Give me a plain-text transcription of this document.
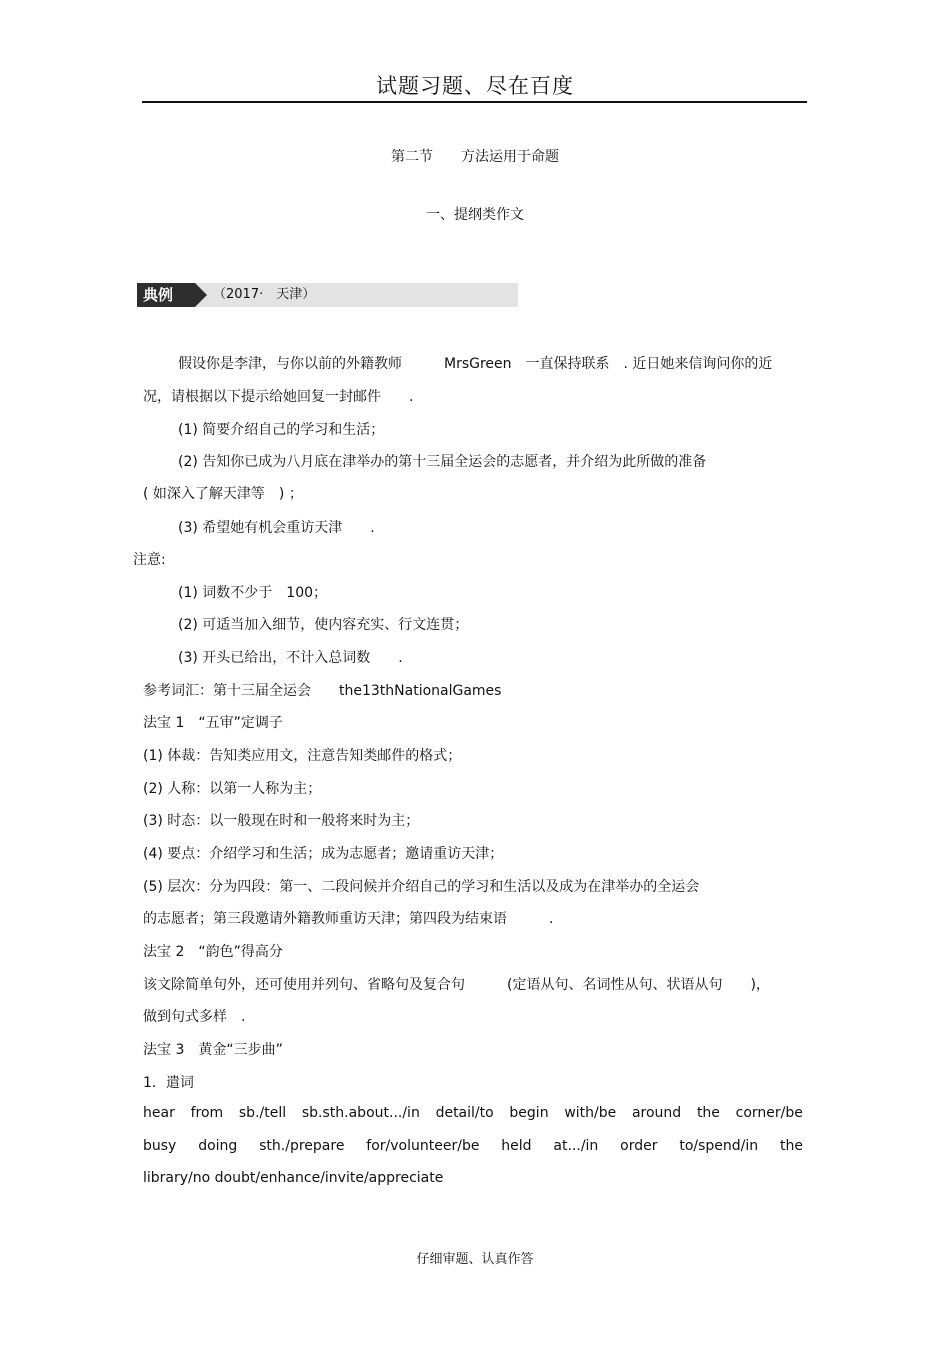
试题习题、尽在百度
第二节　　方法运用于命题
一、提纲类作文
典例	（2017·　天津）
假设你是李津，与你以前的外籍教师　　　MrsGreen　一直保持联系　. 近日她来信询问你的近
况，请根据以下提示给她回复一封邮件　　.
(1) 简要介绍自己的学习和生活；
(2) 告知你已成为八月底在津举办的第十三届全运会的志愿者，并介绍为此所做的准备
( 如深入了解天津等　) ；
(3) 希望她有机会重访天津　　.
注意:
(1) 词数不少于　100；
(2) 可适当加入细节，使内容充实、行文连贯；
(3) 开头已给出，不计入总词数　　.
参考词汇：第十三届全运会　　the13thNationalGames
法宝 1　“五审”定调子
(1) 体裁：告知类应用文，注意告知类邮件的格式；
(2) 人称：以第一人称为主；
(3) 时态：以一般现在时和一般将来时为主；
(4) 要点：介绍学习和生活；成为志愿者；邀请重访天津；
(5) 层次：分为四段：第一、二段问候并介绍自己的学习和生活以及成为在津举办的全运会
的志愿者；第三段邀请外籍教师重访天津；第四段为结束语　　　.
法宝 2　“韵色”得高分
该文除简单句外，还可使用并列句、省略句及复合句　　　(定语从句、名词性从句、状语从句　　)，
做到句式多样　.
法宝 3　黄金“三步曲”
1．遣词
hear from sb./tell sb.sth.about.../in detail/to begin with/be around the corner/be
busy doing sth./prepare for/volunteer/be held at.../in order to/spend/in the
library/no doubt/enhance/invite/appreciate
仔细审题、认真作答
